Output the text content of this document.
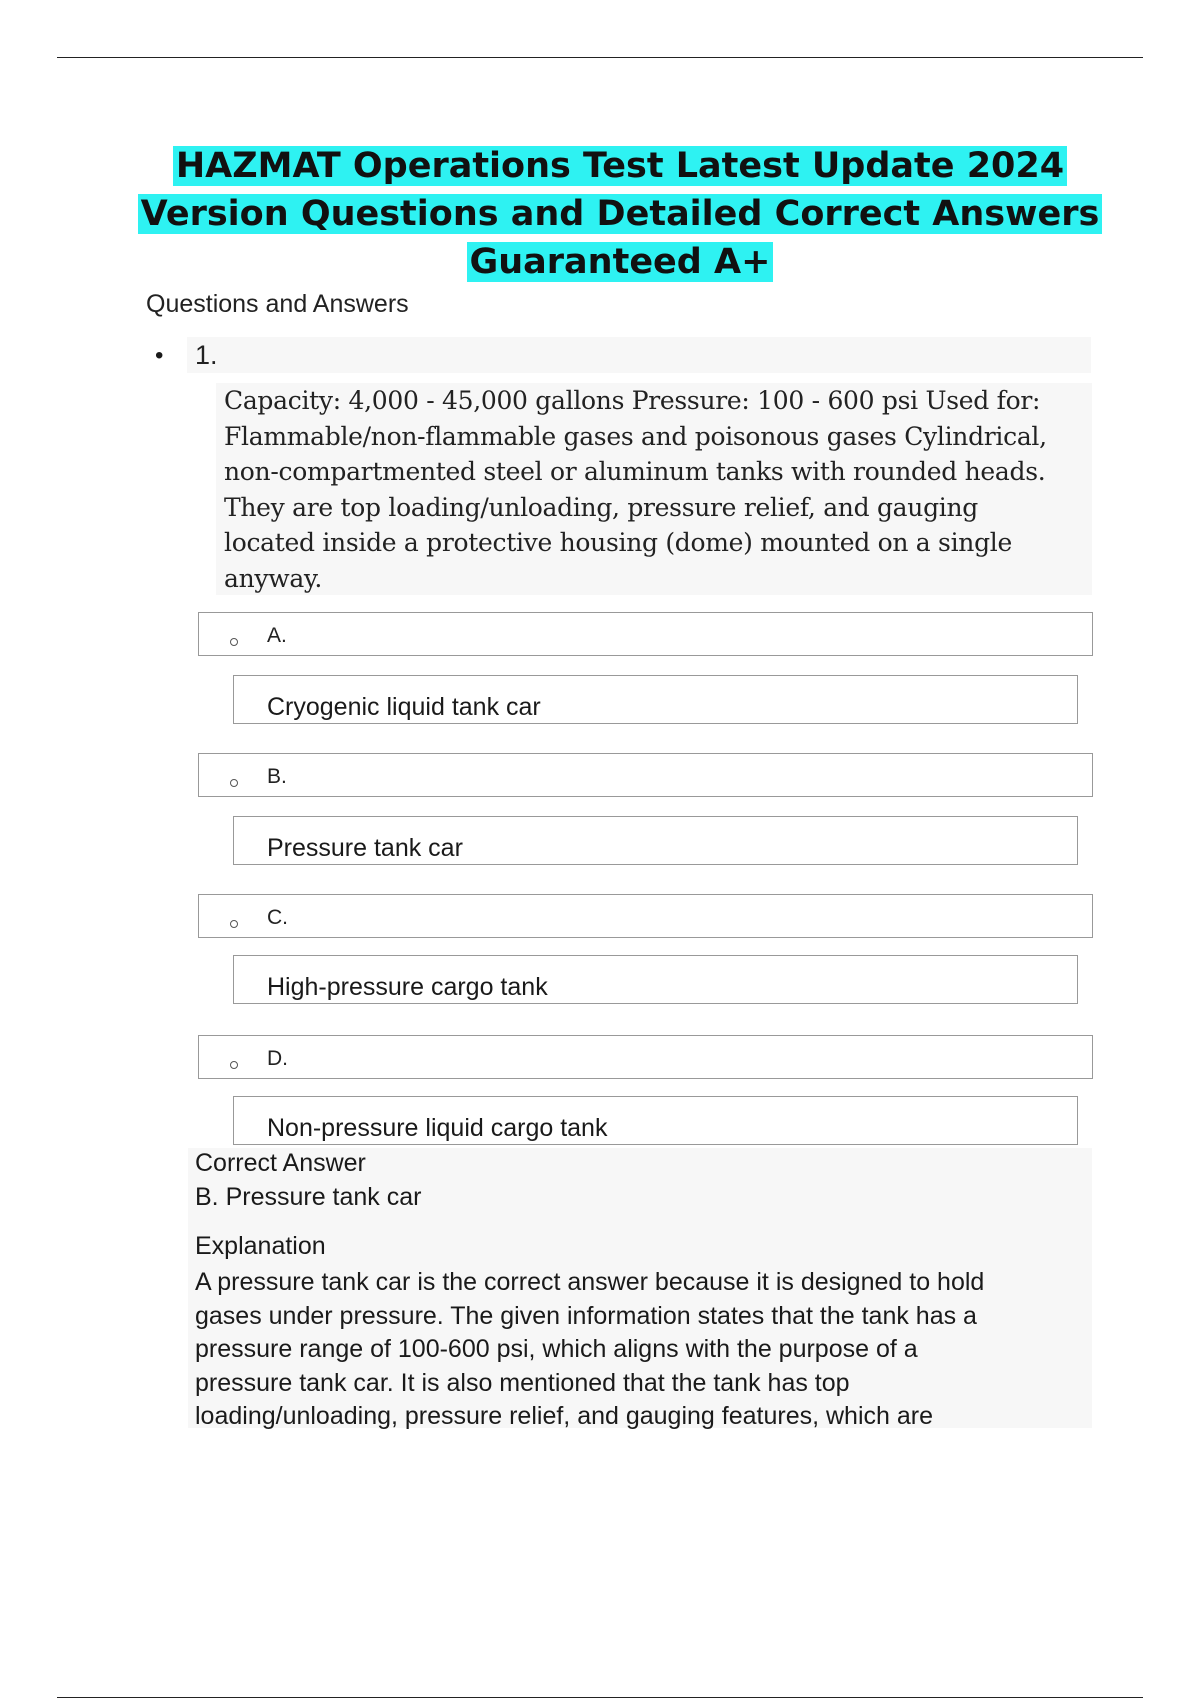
HAZMAT Operations Test Latest Update 2024
Version Questions and Detailed Correct Answers
Guaranteed A+
Questions and Answers
• 1.
Capacity: 4,000 - 45,000 gallons Pressure: 100 - 600 psi Used for:
Flammable/non-flammable gases and poisonous gases Cylindrical,
non-compartmented steel or aluminum tanks with rounded heads.
They are top loading/unloading, pressure relief, and gauging
located inside a protective housing (dome) mounted on a single
anyway.
A.
Cryogenic liquid tank car
B.
Pressure tank car
C.
High-pressure cargo tank
D.
Non-pressure liquid cargo tank
Correct Answer
B. Pressure tank car
Explanation
A pressure tank car is the correct answer because it is designed to hold
gases under pressure. The given information states that the tank has a
pressure range of 100-600 psi, which aligns with the purpose of a
pressure tank car. It is also mentioned that the tank has top
loading/unloading, pressure relief, and gauging features, which are
